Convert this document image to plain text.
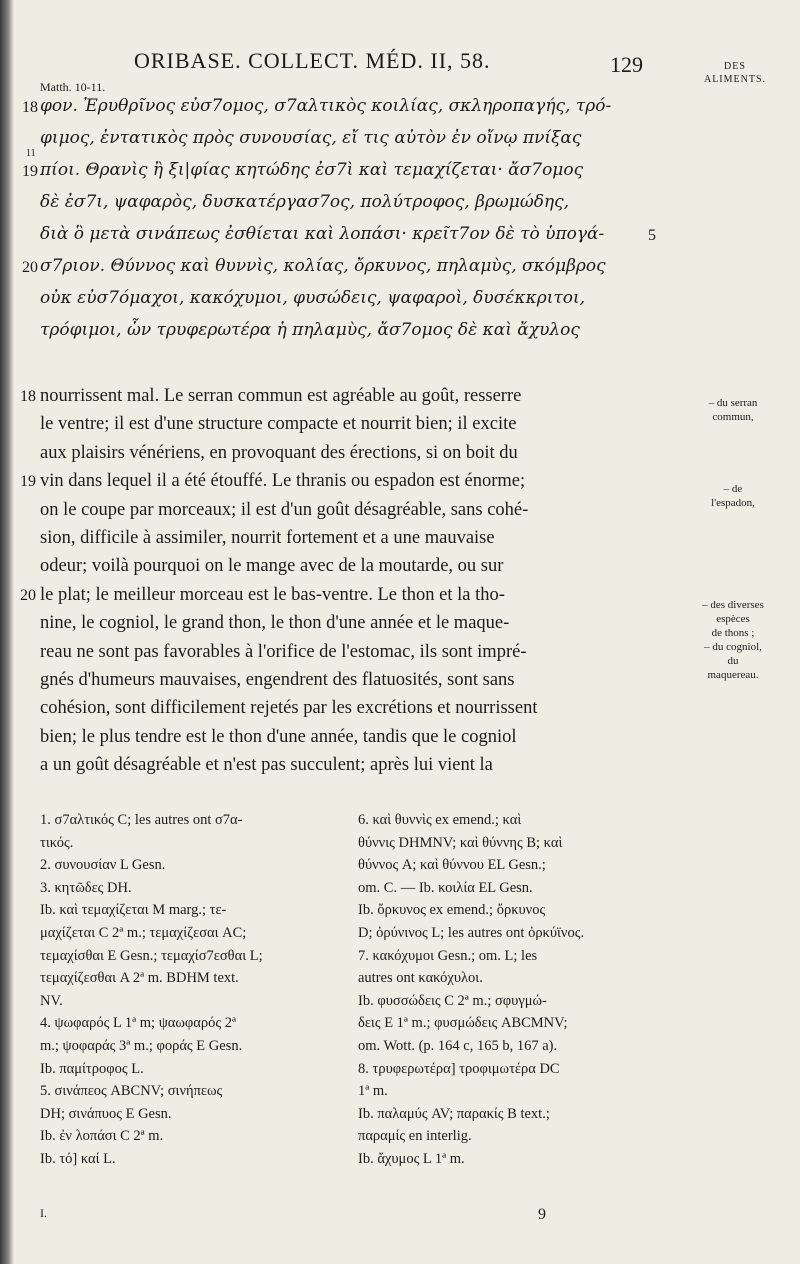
ORIBASE. COLLECT. MÉD. II, 58.	129
Matth. 10-11.
DES
ALIMENTS.
18 φον. Ἐρυθρῖνος εὐσ7ομος, σ7αλτικὸς κοιλίας, σκληροπαγής, τρό-
φιμος, ἐντατικὸς πρὸς συνουσίας, εἴ τις αὐτὸν ἐν οἴνῳ πνίξας
19
11
πίοι. Θρανὶς ἢ ξι|φίας κητώδης ἐσ7ὶ καὶ τεμαχίζεται· ἄσ7ομος
δὲ ἐσ7ι, ψαφαρὸς, δυσκατέργασ7ος, πολύτροφος, βρωμώδης,
διὰ ὃ μετὰ σινάπεως ἐσθίεται καὶ λοπάσι· κρεῖτ7ον δὲ τὸ ὑπογά-	5
20 σ7ριον. Θύννος καὶ θυννὶς, κολίας, ὄρκυνος, πηλαμὺς, σκόμβρος
οὐκ εὐσ7όμαχοι, κακόχυμοι, φυσώδεις, ψαφαροὶ, δυσέκκριτοι,
τρόφιμοι, ὧν τρυφερωτέρα ἡ πηλαμὺς, ἄσ7ομος δὲ καὶ ἄχυλος
18 nourrissent mal. Le serran commun est agréable au goût, resserre
le ventre; il est d'une structure compacte et nourrit bien; il excite
aux plaisirs vénériens, en provoquant des érections, si on boit du
19 vin dans lequel il a été étouffé. Le thranis ou espadon est énorme;
on le coupe par morceaux; il est d'un goût désagréable, sans cohé-
sion, difficile à assimiler, nourrit fortement et a une mauvaise
odeur; voilà pourquoi on le mange avec de la moutarde, ou sur
20 le plat; le meilleur morceau est le bas-ventre. Le thon et la tho-
nine, le cogniol, le grand thon, le thon d'une année et le maque-
reau ne sont pas favorables à l'orifice de l'estomac, ils sont impré-
gnés d'humeurs mauvaises, engendrent des flatuosités, sont sans
cohésion, sont difficilement rejetés par les excrétions et nourrissent
bien; le plus tendre est le thon d'une année, tandis que le cogniol
a un goût désagréable et n'est pas succulent; après lui vient la
– du serran
commun,
– de
l'espadon,
– des diverses
espèces
de thons ;
– du cogniol,
du
maquereau.
1. σ7αλτικός C; les autres ont σ7α-
τικός.
2. συνουσίαν L Gesn.
3. κητῶδες DH.
Ib. καὶ τεμαχίζεται M marg.; τε-
μαχίζεται C 2ª m.; τεμαχίζεσαι AC;
τεμαχίσθαι E Gesn.; τεμαχίσ7εσθαι L;
τεμαχίζεσθαι A 2ª m. BDHM text.
NV.
4. ψωφαρός L 1ª m; ψαωφαρός 2ª
m.; ψοφαράς 3ª m.; φοράς E Gesn.
Ib. παμίτροφος L.
5. σινάπεος ABCNV; σινήπεως
DH; σινάπυος E Gesn.
Ib. ἐν λοπάσι C 2ª m.
Ib. τό] καί L.
6. καὶ θυννὶς ex emend.; καὶ
θύννις DHMNV; καὶ θύννης B; καὶ
θύννος A; καὶ θύννου EL Gesn.;
om. C. — Ib. κοιλία EL Gesn.
Ib. ὄρκυνος ex emend.; ὄρκυνος
D; ὀρύνινος L; les autres ont ὀρκύϊνος.
7. κακόχυμοι Gesn.; om. L; les
autres ont κακόχυλοι.
Ib. φυσσώδεις C 2ª m.; σφυγμώ-
δεις E 1ª m.; φυσμώδεις ABCMNV;
om. Wott. (p. 164 c, 165 b, 167 a).
8. τρυφερωτέρα] τροφιμωτέρα DC
1ª m.
Ib. παλαμύς AV; παρακίς B text.;
παραμίς en interlig.
Ib. ἄχυμος L 1ª m.
I.	9
